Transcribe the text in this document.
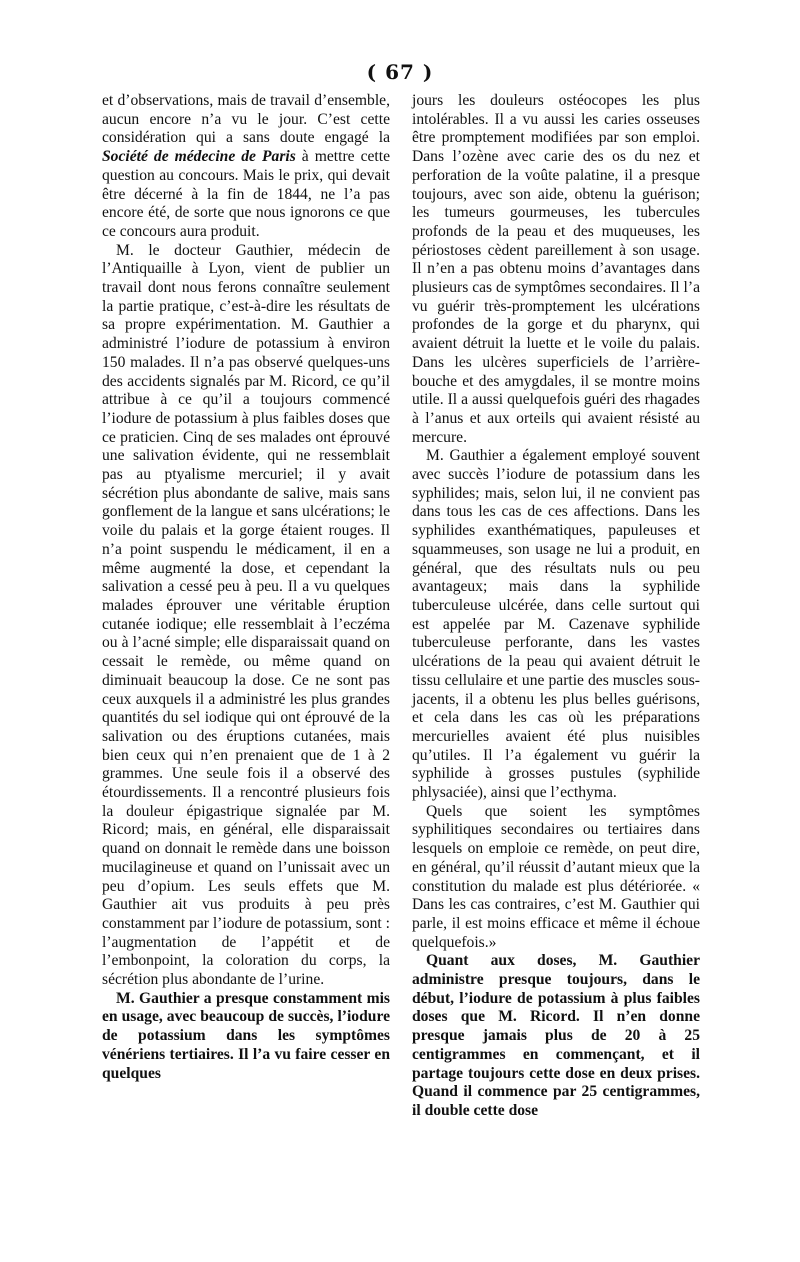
( 67 )

et d’observations, mais de travail d’ensemble, aucun encore n’a vu le jour. C’est cette considération qui a sans doute engagé la Société de médecine de Paris à mettre cette question au concours. Mais le prix, qui devait être décerné à la fin de 1844, ne l’a pas encore été, de sorte que nous ignorons ce que ce concours aura produit.

M. le docteur Gauthier, médecin de l’Antiquaille à Lyon, vient de publier un travail dont nous ferons connaître seulement la partie pratique, c’est-à-dire les résultats de sa propre expérimentation. M. Gauthier a administré l’iodure de potassium à environ 150 malades. Il n’a pas observé quelques-uns des accidents signalés par M. Ricord, ce qu’il attribue à ce qu’il a toujours commencé l’iodure de potassium à plus faibles doses que ce praticien. Cinq de ses malades ont éprouvé une salivation évidente, qui ne ressemblait pas au ptyalisme mercuriel; il y avait sécrétion plus abondante de salive, mais sans gonflement de la langue et sans ulcérations; le voile du palais et la gorge étaient rouges. Il n’a point suspendu le médicament, il en a même augmenté la dose, et cependant la salivation a cessé peu à peu. Il a vu quelques malades éprouver une véritable éruption cutanée iodique; elle ressemblait à l’eczéma ou à l’acné simple; elle disparaissait quand on cessait le remède, ou même quand on diminuait beaucoup la dose. Ce ne sont pas ceux auxquels il a administré les plus grandes quantités du sel iodique qui ont éprouvé de la salivation ou des éruptions cutanées, mais bien ceux qui n’en prenaient que de 1 à 2 grammes. Une seule fois il a observé des étourdissements. Il a rencontré plusieurs fois la douleur épigastrique signalée par M. Ricord; mais, en général, elle disparaissait quand on donnait le remède dans une boisson mucilagineuse et quand on l’unissait avec un peu d’opium. Les seuls effets que M. Gauthier ait vus produits à peu près constamment par l’iodure de potassium, sont : l’augmentation de l’appétit et de l’embonpoint, la coloration du corps, la sécrétion plus abondante de l’urine.

M. Gauthier a presque constamment mis en usage, avec beaucoup de succès, l’iodure de potassium dans les symptômes vénériens tertiaires. Il l’a vu faire cesser en quelques

jours les douleurs ostéocopes les plus intolérables. Il a vu aussi les caries osseuses être promptement modifiées par son emploi. Dans l’ozène avec carie des os du nez et perforation de la voûte palatine, il a presque toujours, avec son aide, obtenu la guérison; les tumeurs gourmeuses, les tubercules profonds de la peau et des muqueuses, les périostoses cèdent pareillement à son usage. Il n’en a pas obtenu moins d’avantages dans plusieurs cas de symptômes secondaires. Il l’a vu guérir très-promptement les ulcérations profondes de la gorge et du pharynx, qui avaient détruit la luette et le voile du palais. Dans les ulcères superficiels de l’arrière-bouche et des amygdales, il se montre moins utile. Il a aussi quelquefois guéri des rhagades à l’anus et aux orteils qui avaient résisté au mercure.

M. Gauthier a également employé souvent avec succès l’iodure de potassium dans les syphilides; mais, selon lui, il ne convient pas dans tous les cas de ces affections. Dans les syphilides exanthématiques, papuleuses et squammeuses, son usage ne lui a produit, en général, que des résultats nuls ou peu avantageux; mais dans la syphilide tuberculeuse ulcérée, dans celle surtout qui est appelée par M. Cazenave syphilide tuberculeuse perforante, dans les vastes ulcérations de la peau qui avaient détruit le tissu cellulaire et une partie des muscles sous-jacents, il a obtenu les plus belles guérisons, et cela dans les cas où les préparations mercurielles avaient été plus nuisibles qu’utiles. Il l’a également vu guérir la syphilide à grosses pustules (syphilide phlysaciée), ainsi que l’ecthyma.

Quels que soient les symptômes syphilitiques secondaires ou tertiaires dans lesquels on emploie ce remède, on peut dire, en général, qu’il réussit d’autant mieux que la constitution du malade est plus détériorée. « Dans les cas contraires, c’est M. Gauthier qui parle, il est moins efficace et même il échoue quelquefois.»

Quant aux doses, M. Gauthier administre presque toujours, dans le début, l’iodure de potassium à plus faibles doses que M. Ricord. Il n’en donne presque jamais plus de 20 à 25 centigrammes en commençant, et il partage toujours cette dose en deux prises. Quand il commence par 25 centigrammes, il double cette dose
